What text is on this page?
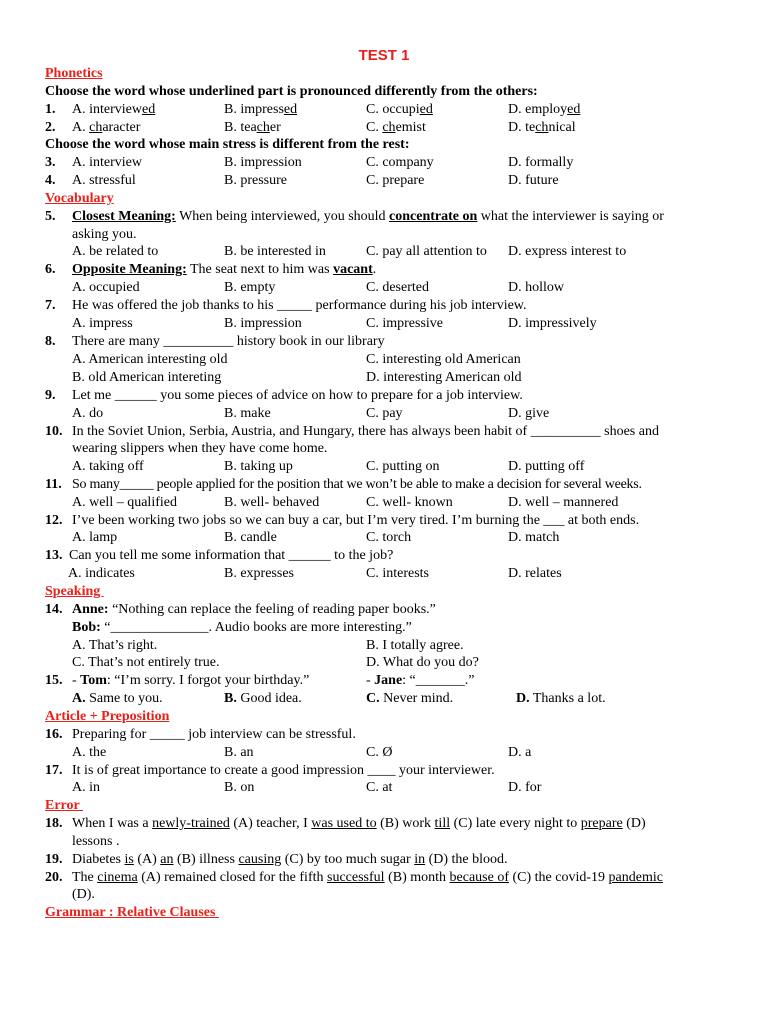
TEST 1
Phonetics
Choose the word whose underlined part is pronounced differently from the others:
1. A. interviewed	B. impressed	C. occupied	D. employed
2. A. character	B. teacher	C. chemist	D. technical
Choose the word whose main stress is different from the rest:
3. A. interview	B. impression	C. company	D. formally
4. A. stressful	B. pressure	C. prepare	D. future
Vocabulary
5. Closest Meaning: When being interviewed, you should concentrate on what the interviewer is saying or
asking you.
A. be related to	B. be interested in	C. pay all attention to D. express interest to
6. Opposite Meaning: The seat next to him was vacant.
A. occupied	B. empty	C. deserted	D. hollow
7. He was offered the job thanks to his _____ performance during his job interview.
A. impress	B. impression	C. impressive	D. impressively
8. There are many __________ history book in our library
A. American interesting old	C. interesting old American
B. old American intereting	D. interesting American old
9. Let me ______ you some pieces of advice on how to prepare for a job interview.
A. do	B. make	C. pay	D. give
10. In the Soviet Union, Serbia, Austria, and Hungary, there has always been habit of __________ shoes and
wearing slippers when they have come home.
A. taking off	B. taking up	C. putting on	D. putting off
11. So many_____ people applied for the position that we won’t be able to make a decision for several weeks.
A. well – qualified	B. well- behaved	C. well- known	D. well – mannered
12. I’ve been working two jobs so we can buy a car, but I’m very tired. I’m burning the ___ at both ends.
A. lamp	B. candle	C. torch	D. match
13. Can you tell me some information that ______ to the job?
A. indicates	B. expresses	C. interests	D. relates
Speaking
14. Anne: “Nothing can replace the feeling of reading paper books.”
Bob: “______________. Audio books are more interesting.”
A. That’s right.	B. I totally agree.
C. That’s not entirely true.	D. What do you do?
15. - Tom: “I’m sorry. I forgot your birthday.”	- Jane: “_______.”
A. Same to you.	B. Good idea.	C. Never mind.	D. Thanks a lot.
Article + Preposition
16. Preparing for _____ job interview can be stressful.
A. the	B. an	C. Ø	D. a
17. It is of great importance to create a good impression ____ your interviewer.
A. in	B. on	C. at	D. for
Error
18. When I was a newly-trained (A) teacher, I was used to (B) work till (C) late every night to prepare (D)
lessons .
19. Diabetes is (A) an (B) illness causing (C) by too much sugar in (D) the blood.
20. The cinema (A) remained closed for the fifth successful (B) month because of (C) the covid-19 pandemic
(D).
Grammar : Relative Clauses
